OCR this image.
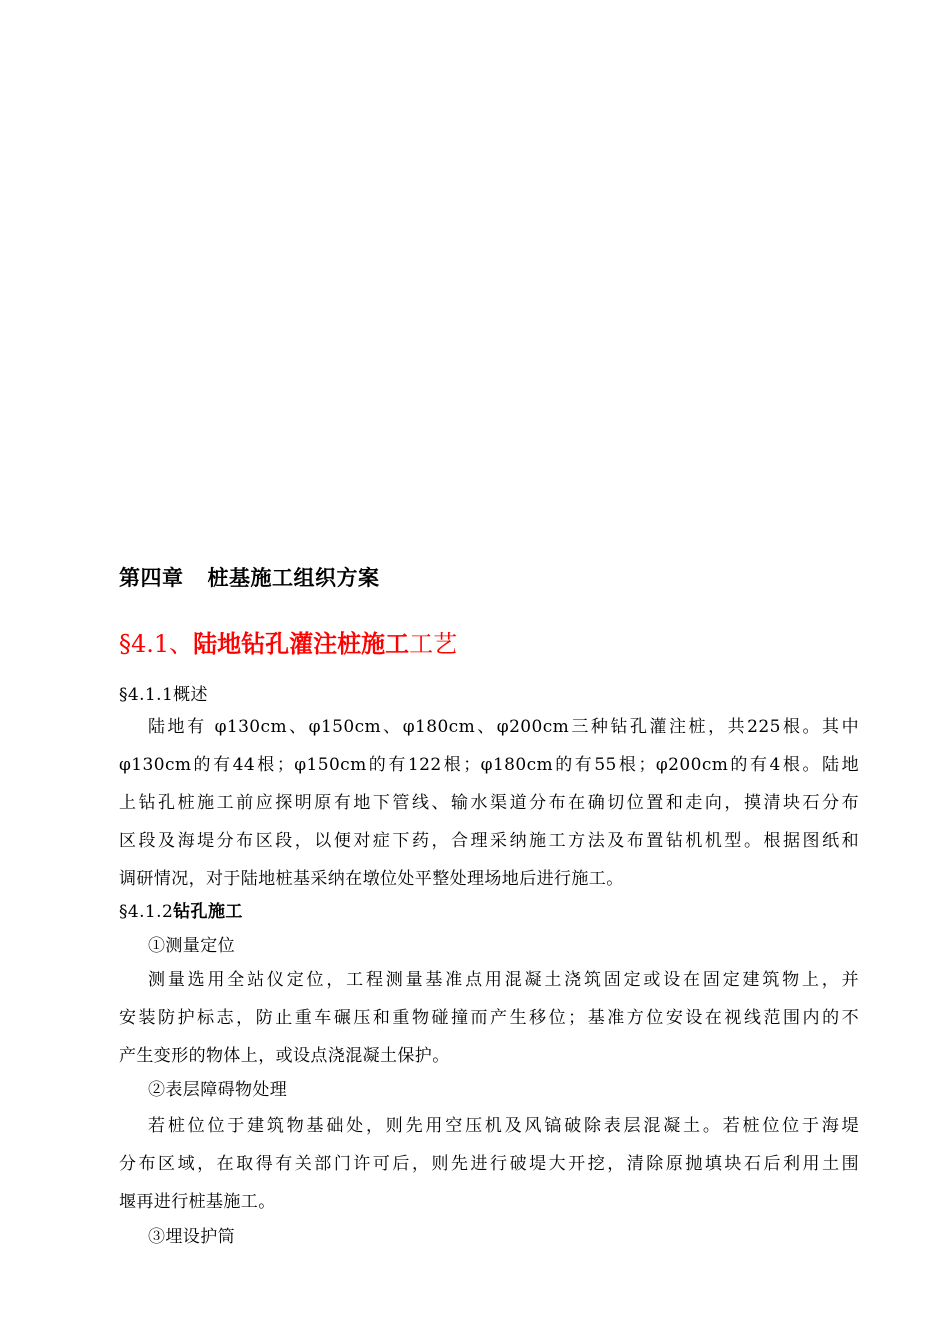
第四章 桩基施工组织方案
§4.1、陆地钻孔灌注桩施工工艺
§4.1.1概述
陆地有 φ130cm、φ150cm、φ180cm、φ200cm三种钻孔灌注桩，共225根。其中
φ130cm的有44根；φ150cm的有122根；φ180cm的有55根；φ200cm的有4根。陆地
上钻孔桩施工前应探明原有地下管线、输水渠道分布在确切位置和走向，摸清块石分布
区段及海堤分布区段，以便对症下药，合理采纳施工方法及布置钻机机型。根据图纸和
调研情况，对于陆地桩基采纳在墩位处平整处理场地后进行施工。
§4.1.2钻孔施工
①测量定位
测量选用全站仪定位，工程测量基准点用混凝土浇筑固定或设在固定建筑物上，并
安装防护标志，防止重车碾压和重物碰撞而产生移位；基准方位安设在视线范围内的不
产生变形的物体上，或设点浇混凝土保护。
②表层障碍物处理
若桩位位于建筑物基础处，则先用空压机及风镐破除表层混凝土。若桩位位于海堤
分布区域，在取得有关部门许可后，则先进行破堤大开挖，清除原抛填块石后利用土围
堰再进行桩基施工。
③埋设护筒
